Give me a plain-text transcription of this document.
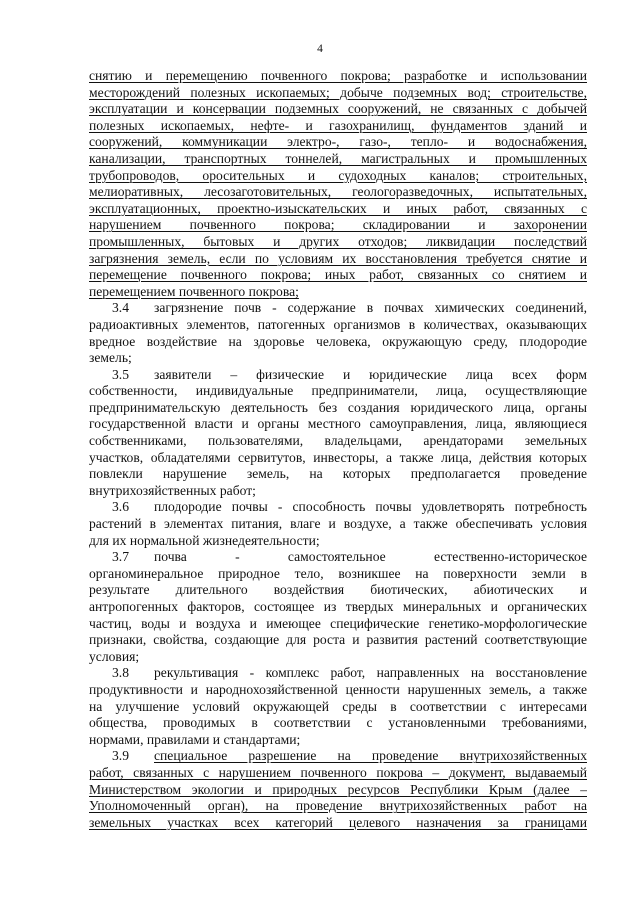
4
снятию и перемещению почвенного покрова; разработке и использовании
месторождений полезных ископаемых; добыче подземных вод; строительстве,
эксплуатации и консервации подземных сооружений, не связанных с добычей
полезных ископаемых, нефте- и газохранилищ, фундаментов зданий и
сооружений, коммуникации электро-, газо-, тепло- и водоснабжения,
канализации, транспортных тоннелей, магистральных и промышленных
трубопроводов, оросительных и судоходных каналов; строительных,
мелиоративных, лесозаготовительных, геологоразведочных, испытательных,
эксплуатационных, проектно-изыскательских и иных работ, связанных с
нарушением почвенного покрова; складировании и захоронении
промышленных, бытовых и других отходов; ликвидации последствий
загрязнения земель, если по условиям их восстановления требуется снятие и
перемещение почвенного покрова; иных работ, связанных со снятием и
перемещением почвенного покрова;
3.4 загрязнение почв - содержание в почвах химических соединений,
радиоактивных элементов, патогенных организмов в количествах, оказывающих
вредное воздействие на здоровье человека, окружающую среду, плодородие
земель;
3.5 заявители – физические и юридические лица всех форм
собственности, индивидуальные предприниматели, лица, осуществляющие
предпринимательскую деятельность без создания юридического лица, органы
государственной власти и органы местного самоуправления, лица, являющиеся
собственниками, пользователями, владельцами, арендаторами земельных
участков, обладателями сервитутов, инвесторы, а также лица, действия которых
повлекли нарушение земель, на которых предполагается проведение
внутрихозяйственных работ;
3.6 плодородие почвы - способность почвы удовлетворять потребность
растений в элементах питания, влаге и воздухе, а также обеспечивать условия
для их нормальной жизнедеятельности;
3.7 почва - самостоятельное естественно-историческое
органоминеральное природное тело, возникшее на поверхности земли в
результате длительного воздействия биотических, абиотических и
антропогенных факторов, состоящее из твердых минеральных и органических
частиц, воды и воздуха и имеющее специфические генетико-морфологические
признаки, свойства, создающие для роста и развития растений соответствующие
условия;
3.8 рекультивация - комплекс работ, направленных на восстановление
продуктивности и народнохозяйственной ценности нарушенных земель, а также
на улучшение условий окружающей среды в соответствии с интересами
общества, проводимых в соответствии с установленными требованиями,
нормами, правилами и стандартами;
3.9 специальное разрешение на проведение внутрихозяйственных
работ, связанных с нарушением почвенного покрова – документ, выдаваемый
Министерством экологии и природных ресурсов Республики Крым (далее –
Уполномоченный орган), на проведение внутрихозяйственных работ на
земельных участках всех категорий целевого назначения за границами
